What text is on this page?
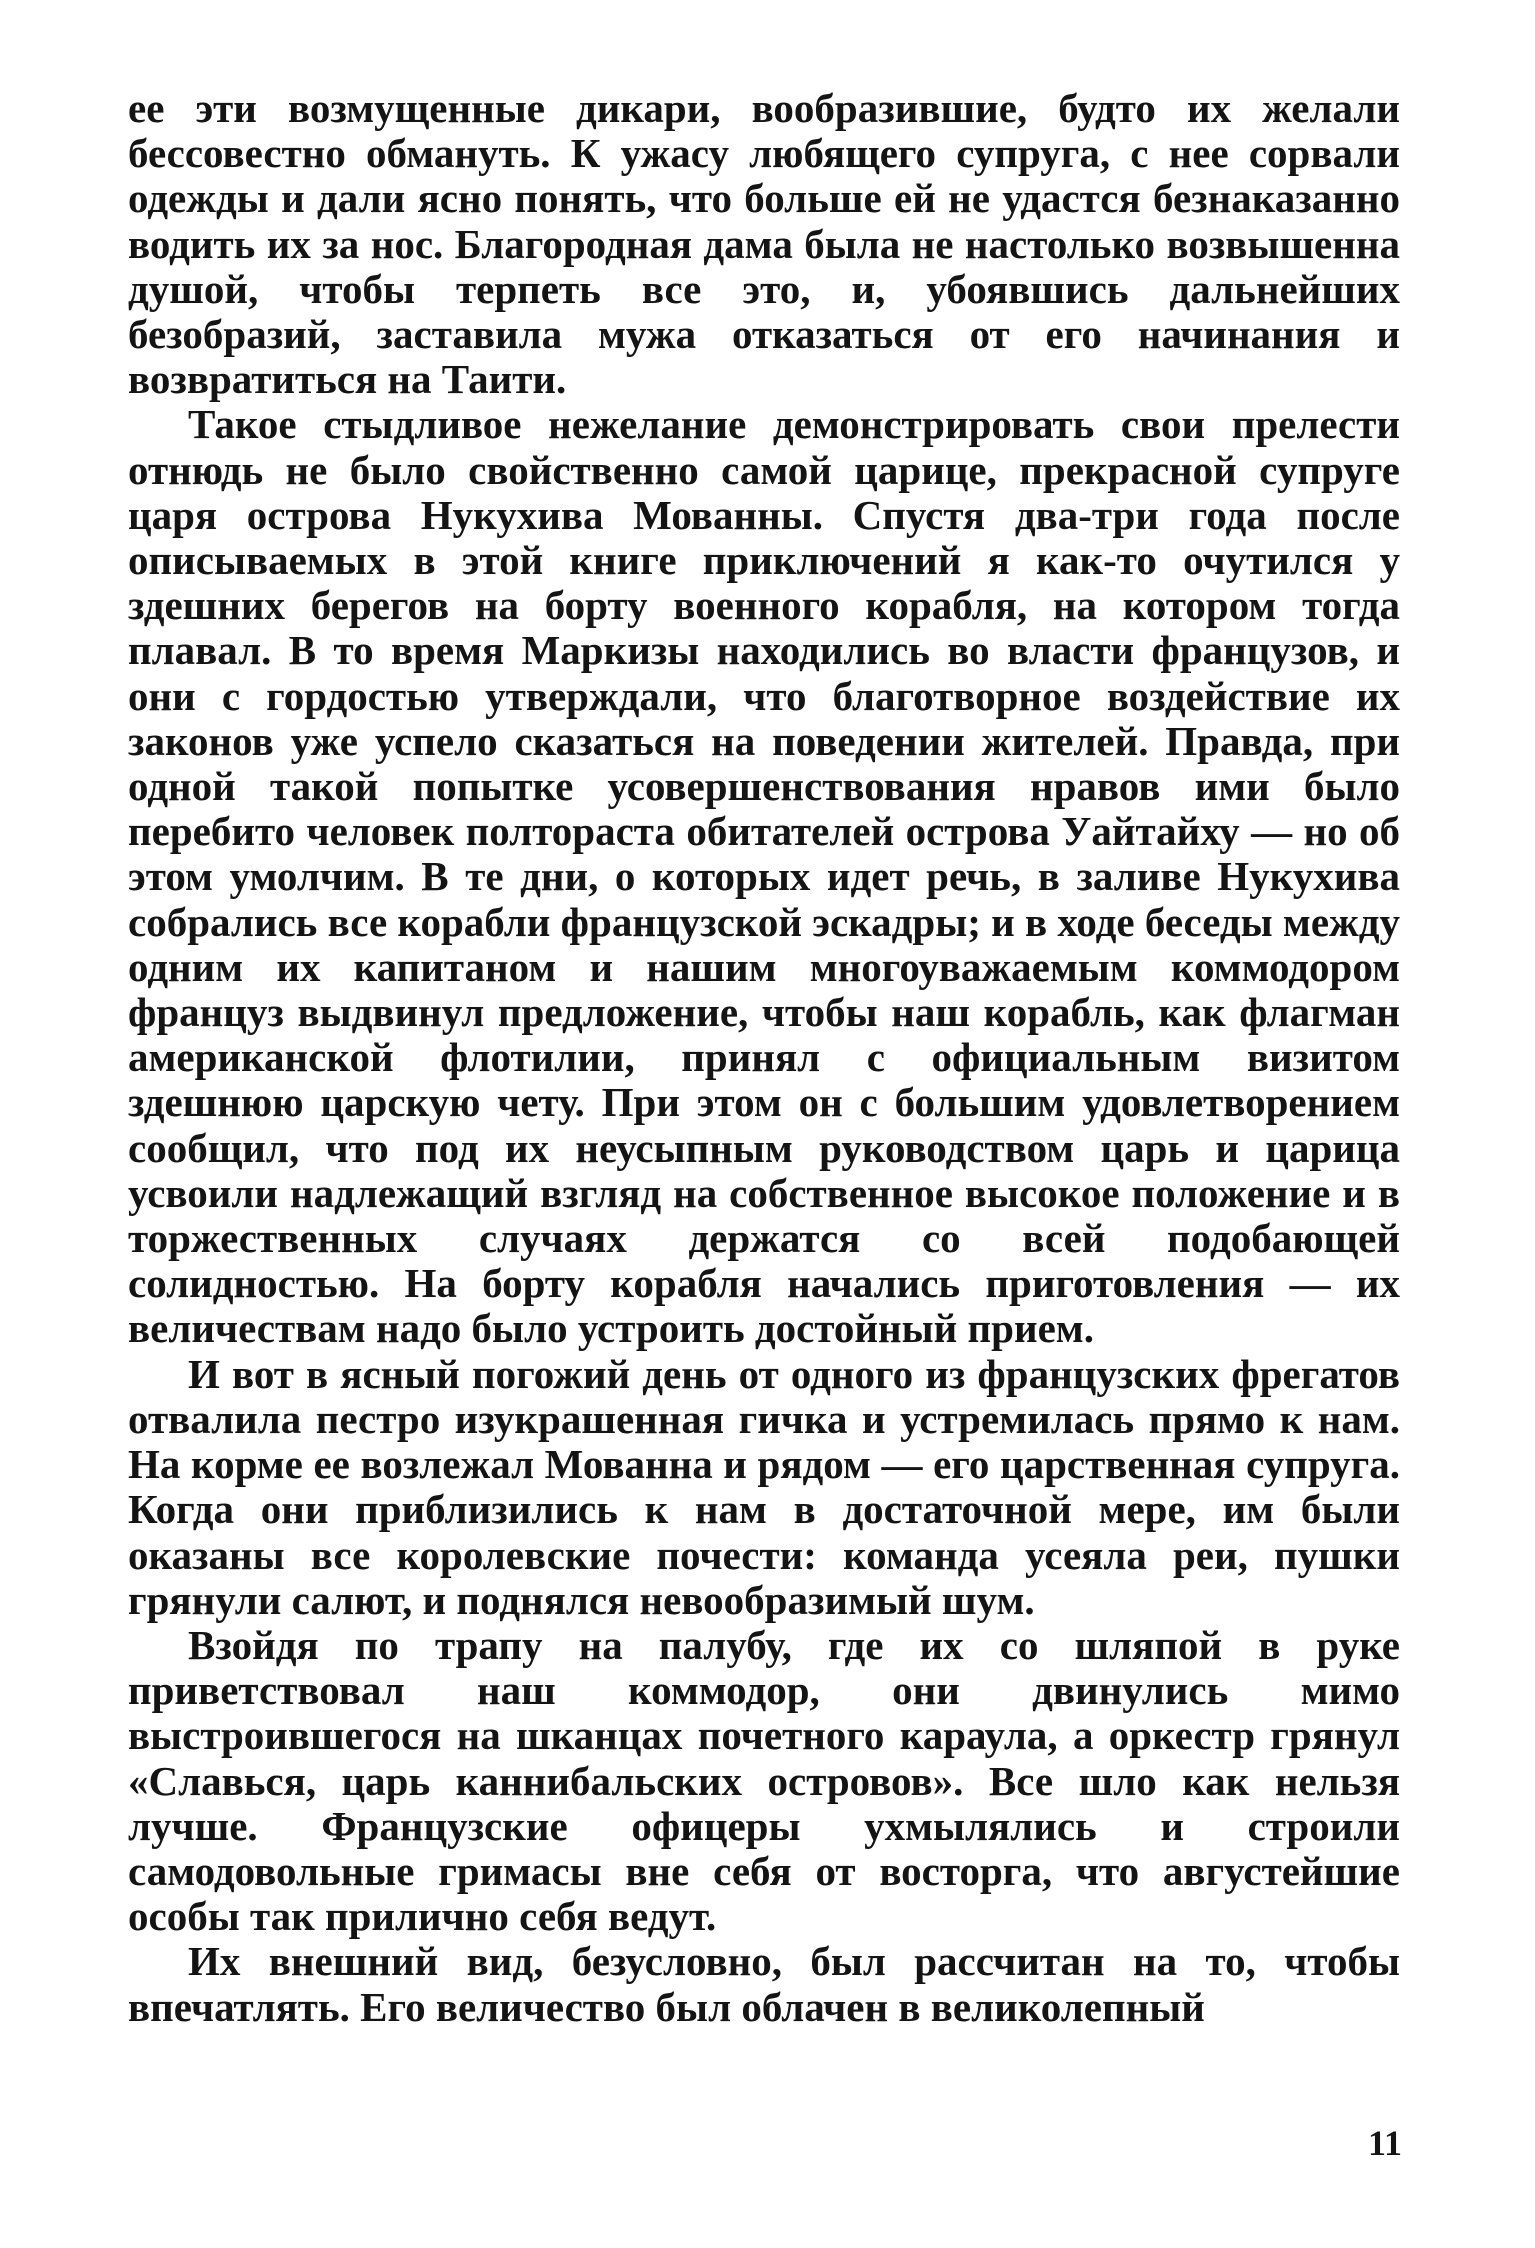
ее эти возмущенные дикари, вообразившие, будто их желали бессовестно обмануть. К ужасу любящего супруга, с нее сорвали одежды и дали ясно понять, что больше ей не удастся безнаказанно водить их за нос. Благородная дама была не настолько возвышенна душой, чтобы терпеть все это, и, убоявшись дальнейших безобразий, заставила мужа отказаться от его начинания и возвратиться на Таити.

Такое стыдливое нежелание демонстрировать свои прелести отнюдь не было свойственно самой царице, прекрасной супруге царя острова Нукухива Мованны. Спустя два-три года после описываемых в этой книге приключений я как-то очутился у здешних берегов на борту военного корабля, на котором тогда плавал. В то время Маркизы находились во власти французов, и они с гордостью утверждали, что благотворное воздействие их законов уже успело сказаться на поведении жителей. Правда, при одной такой попытке усовершенствования нравов ими было перебито человек полтораста обитателей острова Уайтайху — но об этом умолчим. В те дни, о которых идет речь, в заливе Нукухива собрались все корабли французской эскадры; и в ходе беседы между одним их капитаном и нашим многоуважаемым коммодором француз выдвинул предложение, чтобы наш корабль, как флагман американской флотилии, принял с официальным визитом здешнюю царскую чету. При этом он с большим удовлетворением сообщил, что под их неусыпным руководством царь и царица усвоили надлежащий взгляд на собственное высокое положение и в торжественных случаях держатся со всей подобающей солидностью. На борту корабля начались приготовления — их величествам надо было устроить достойный прием.

И вот в ясный погожий день от одного из французских фрегатов отвалила пестро изукрашенная гичка и устремилась прямо к нам. На корме ее возлежал Мованна и рядом — его царственная супруга. Когда они приблизились к нам в достаточной мере, им были оказаны все королевские почести: команда усеяла реи, пушки грянули салют, и поднялся невообразимый шум.

Взойдя по трапу на палубу, где их со шляпой в руке приветствовал наш коммодор, они двинулись мимо выстроившегося на шканцах почетного караула, а оркестр грянул «Славься, царь каннибальских островов». Все шло как нельзя лучше. Французские офицеры ухмылялись и строили самодовольные гримасы вне себя от восторга, что августейшие особы так прилично себя ведут.

Их внешний вид, безусловно, был рассчитан на то, чтобы впечатлять. Его величество был облачен в великолепный

11
